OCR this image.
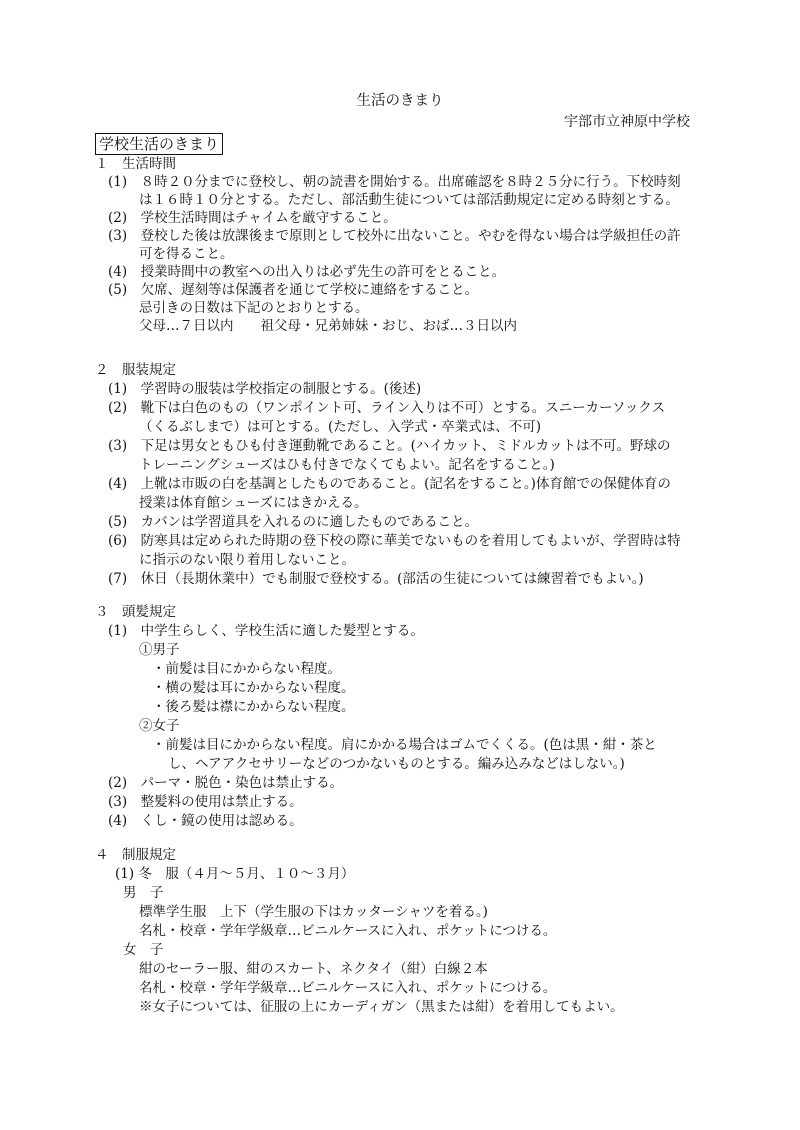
生活のきまり
宇部市立神原中学校
学校生活のきまり
１　生活時間
(1)　８時２０分までに登校し、朝の読書を開始する。出席確認を８時２５分に行う。下校時刻
は１６時１０分とする。ただし、部活動生徒については部活動規定に定める時刻とする。
(2)　学校生活時間はチャイムを厳守すること。
(3)　登校した後は放課後まで原則として校外に出ないこと。やむを得ない場合は学級担任の許
可を得ること。
(4)　授業時間中の教室への出入りは必ず先生の許可をとること。
(5)　欠席、遅刻等は保護者を通じて学校に連絡をすること。
忌引きの日数は下記のとおりとする。
父母…７日以内　　祖父母・兄弟姉妹・おじ、おば…３日以内
２　服装規定
(1)　学習時の服装は学校指定の制服とする。(後述)
(2)　靴下は白色のもの（ワンポイント可、ライン入りは不可）とする。スニーカーソックス
（くるぶしまで）は可とする。(ただし、入学式・卒業式は、不可)
(3)　下足は男女ともひも付き運動靴であること。(ハイカット、ミドルカットは不可。野球の
トレーニングシューズはひも付きでなくてもよい。記名をすること。)
(4)　上靴は市販の白を基調としたものであること。(記名をすること。)体育館での保健体育の
授業は体育館シューズにはきかえる。
(5)　カバンは学習道具を入れるのに適したものであること。
(6)　防寒具は定められた時期の登下校の際に華美でないものを着用してもよいが、学習時は特
に指示のない限り着用しないこと。
(7)　休日（長期休業中）でも制服で登校する。(部活の生徒については練習着でもよい。)
３　頭髪規定
(1)　中学生らしく、学校生活に適した髪型とする。
①男子
・前髪は目にかからない程度。
・横の髪は耳にかからない程度。
・後ろ髪は襟にかからない程度。
②女子
・前髪は目にかからない程度。肩にかかる場合はゴムでくくる。(色は黒・紺・茶と
し、ヘアアクセサリーなどのつかないものとする。編み込みなどはしない。)
(2)　パーマ・脱色・染色は禁止する。
(3)　整髪料の使用は禁止する。
(4)　くし・鏡の使用は認める。
４　制服規定
(1) 冬　服（４月～５月、１０～３月）
男　子
標準学生服　上下（学生服の下はカッターシャツを着る。)
名札・校章・学年学級章…ビニルケースに入れ、ポケットにつける。
女　子
紺のセーラー服、紺のスカート、ネクタイ（紺）白線２本
名札・校章・学年学級章…ビニルケースに入れ、ポケットにつける。
※女子については、征服の上にカーディガン（黒または紺）を着用してもよい。
